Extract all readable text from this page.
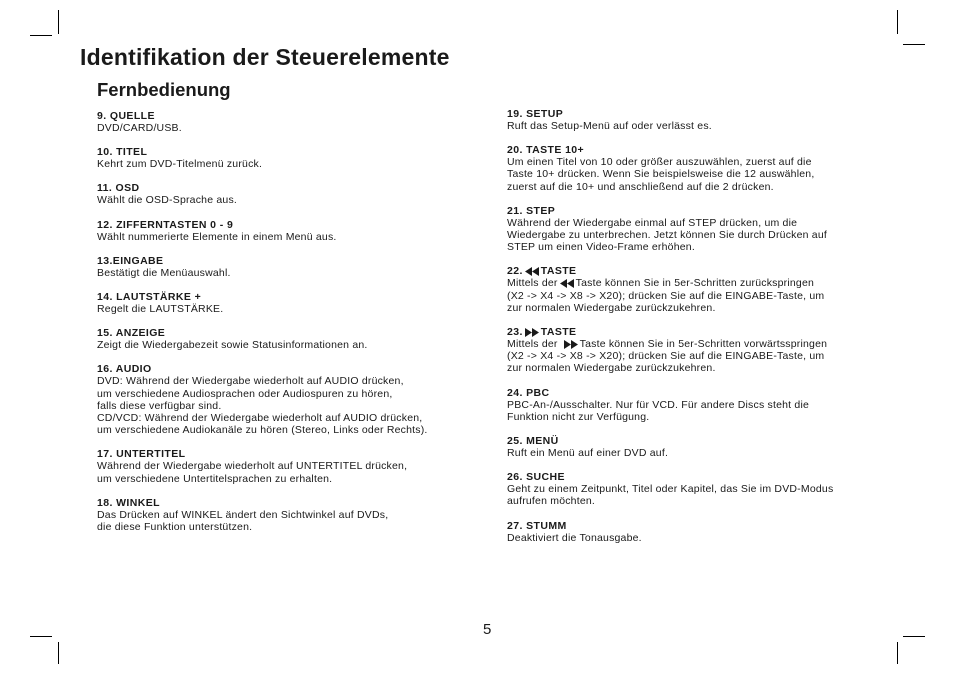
Identifikation der Steuerelemente
Fernbedienung
9. QUELLE
DVD/CARD/USB.
10. TITEL
Kehrt zum DVD-Titelmenü zurück.
11. OSD
Wählt die OSD-Sprache aus.
12. ZIFFERNTASTEN 0 - 9
Wählt nummerierte Elemente in einem Menü aus.
13.EINGABE
Bestätigt die Menüauswahl.
14. LAUTSTÄRKE +
Regelt die LAUTSTÄRKE.
15. ANZEIGE
Zeigt die Wiedergabezeit sowie Statusinformationen an.
16. AUDIO
DVD: Während der Wiedergabe wiederholt auf AUDIO drücken,
um verschiedene Audiosprachen oder Audiospuren zu hören,
falls diese verfügbar sind.
CD/VCD: Während der Wiedergabe wiederholt auf AUDIO drücken,
um verschiedene Audiokanäle zu hören (Stereo, Links oder Rechts).
17. UNTERTITEL
Während der Wiedergabe wiederholt auf UNTERTITEL drücken,
um verschiedene Untertitelsprachen zu erhalten.
18. WINKEL
Das Drücken auf WINKEL ändert den Sichtwinkel auf DVDs,
die diese Funktion unterstützen.
19. SETUP
Ruft das Setup-Menü auf oder verlässt es.
20. TASTE 10+
Um einen Titel von 10 oder größer auszuwählen, zuerst auf die
Taste 10+ drücken. Wenn Sie beispielsweise die 12 auswählen,
zuerst auf die 10+ und anschließend auf die 2 drücken.
21. STEP
Während der Wiedergabe einmal auf STEP drücken, um die
Wiedergabe zu unterbrechen. Jetzt können Sie durch Drücken auf
STEP um einen Video-Frame erhöhen.
22. TASTE
Mittels der Taste können Sie in 5er-Schritten zurückspringen
(X2 -> X4 -> X8 -> X20); drücken Sie auf die EINGABE-Taste, um
zur normalen Wiedergabe zurückzukehren.
23. TASTE
Mittels der Taste können Sie in 5er-Schritten vorwärtsspringen
(X2 -> X4 -> X8 -> X20); drücken Sie auf die EINGABE-Taste, um
zur normalen Wiedergabe zurückzukehren.
24. PBC
PBC-An-/Ausschalter. Nur für VCD. Für andere Discs steht die
Funktion nicht zur Verfügung.
25. MENÜ
Ruft ein Menü auf einer DVD auf.
26. SUCHE
Geht zu einem Zeitpunkt, Titel oder Kapitel, das Sie im DVD-Modus
aufrufen möchten.
27. STUMM
Deaktiviert die Tonausgabe.
5
